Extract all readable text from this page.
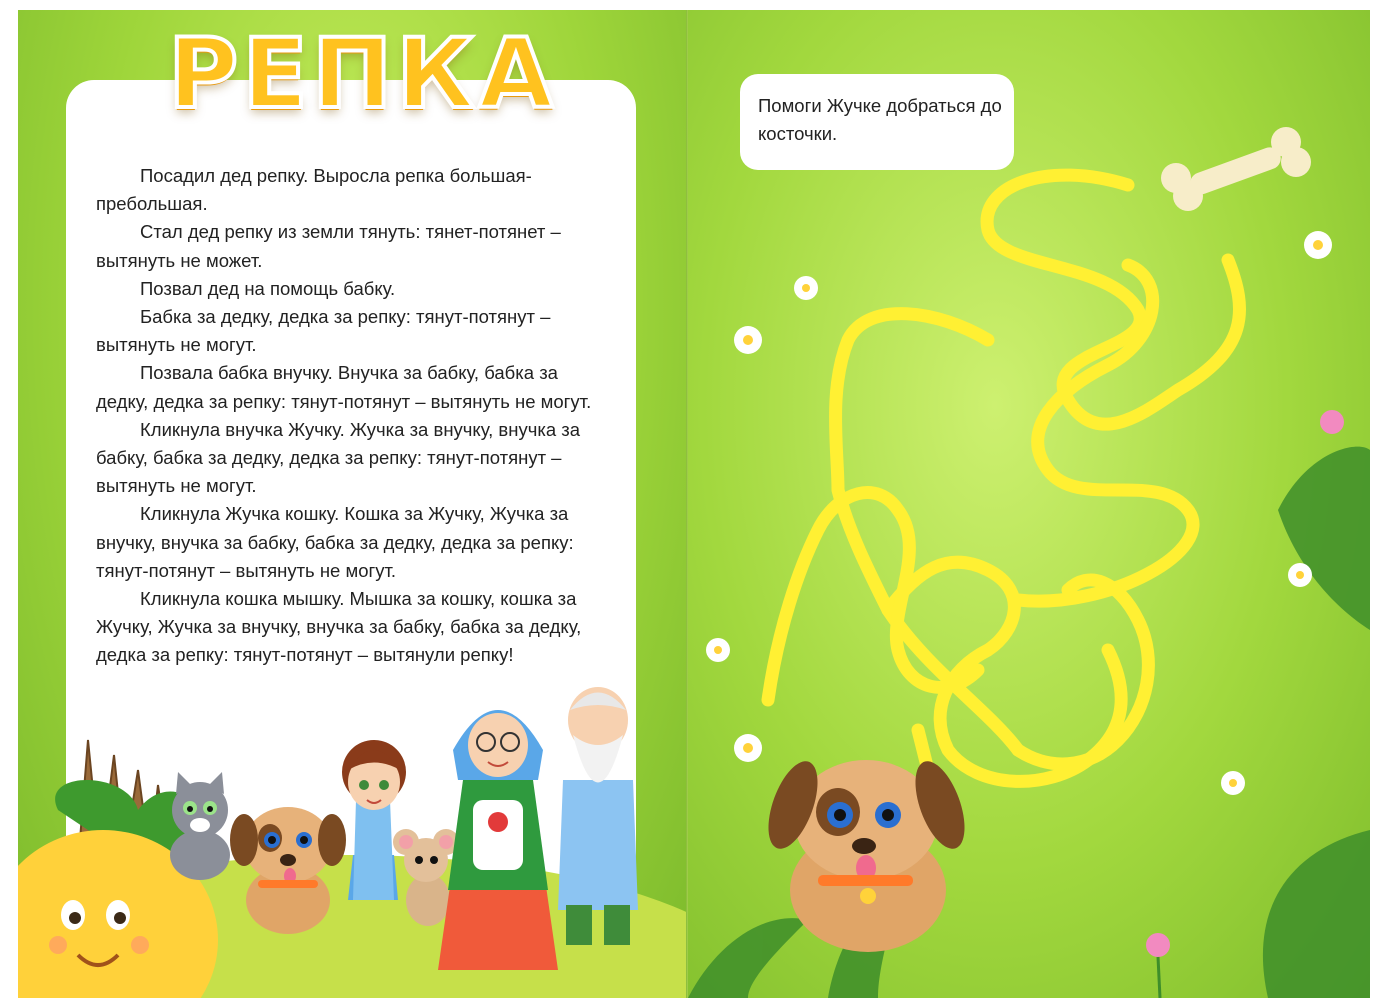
РЕПКА

Посадил дед репку. Выросла репка большая-пребольшая.

Стал дед репку из земли тянуть: тянет-потянет – вытянуть не может.

Позвал дед на помощь бабку.

Бабка за дедку, дедка за репку: тянут-потянут – вытянуть не могут.

Позвала бабка внучку. Внучка за бабку, бабка за дедку, дедка за репку: тянут-потянут – вытянуть не могут.

Кликнула внучка Жучку. Жучка за внучку, внучка за бабку, бабка за дедку, дедка за репку: тянут-потянут – вытянуть не могут.

Кликнула Жучка кошку. Кошка за Жучку, Жучка за внучку, внучка за бабку, бабка за дедку, дедка за репку: тянут-потянут – вытянуть не могут.

Кликнула кошка мышку. Мышка за кошку, кошка за Жучку, Жучка за внучку, внучка за бабку, бабка за дедку, дедка за репку: тянут-потянут – вытянули репку!

Помоги Жучке добраться до косточки.
